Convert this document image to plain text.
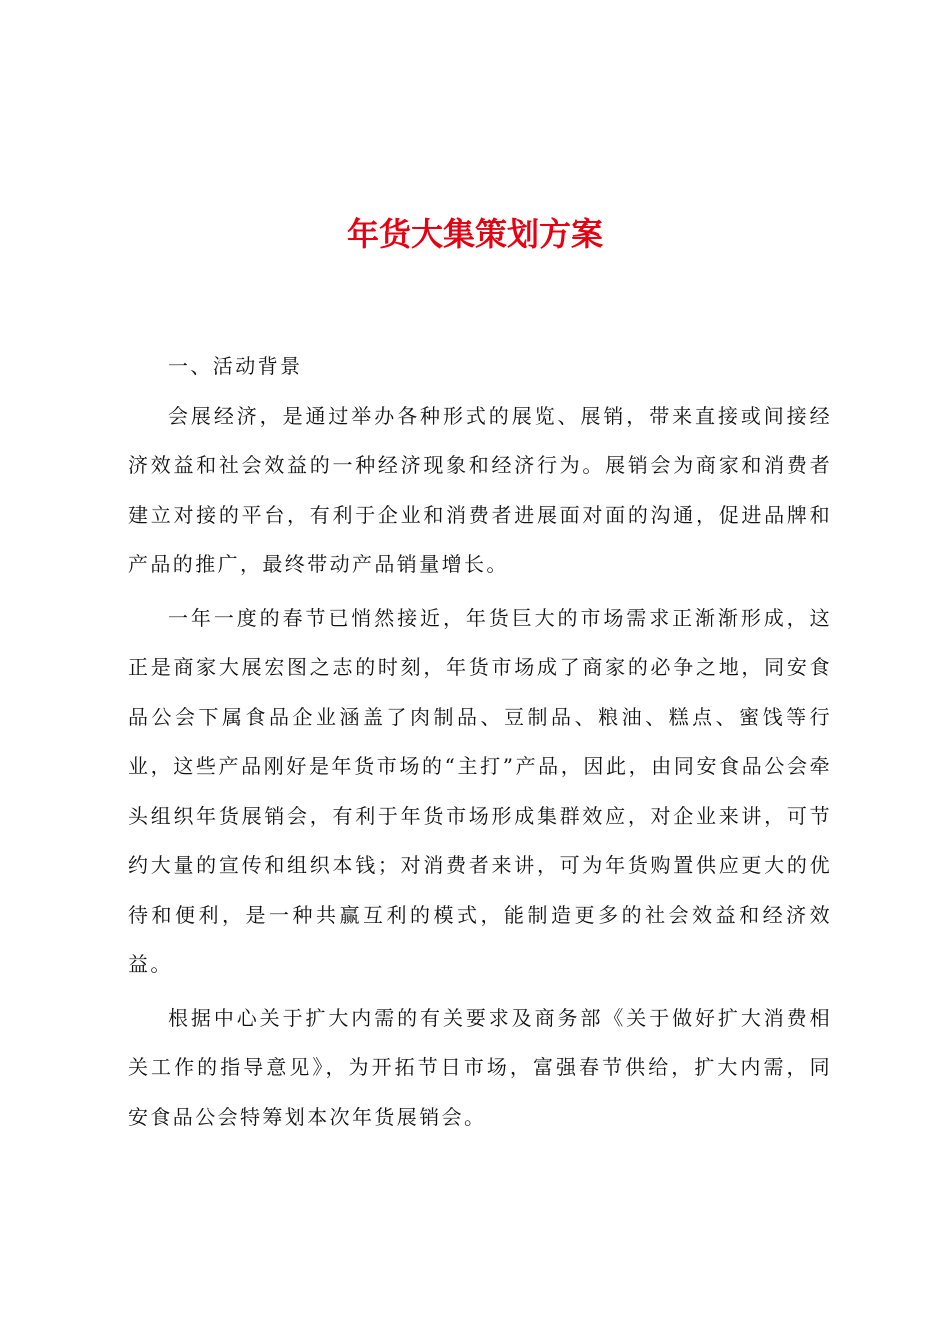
年货大集策划方案

一、活动背景

会展经济，是通过举办各种形式的展览、展销，带来直接或间接经济效益和社会效益的一种经济现象和经济行为。展销会为商家和消费者建立对接的平台，有利于企业和消费者进展面对面的沟通，促进品牌和产品的推广，最终带动产品销量增长。

一年一度的春节已悄然接近，年货巨大的市场需求正渐渐形成，这正是商家大展宏图之志的时刻，年货市场成了商家的必争之地，同安食品公会下属食品企业涵盖了肉制品、豆制品、粮油、糕点、蜜饯等行业，这些产品刚好是年货市场的“主打”产品，因此，由同安食品公会牵头组织年货展销会，有利于年货市场形成集群效应，对企业来讲，可节约大量的宣传和组织本钱；对消费者来讲，可为年货购置供应更大的优待和便利，是一种共赢互利的模式，能制造更多的社会效益和经济效益。

根据中心关于扩大内需的有关要求及商务部《关于做好扩大消费相关工作的指导意见》，为开拓节日市场，富强春节供给，扩大内需，同安食品公会特筹划本次年货展销会。
